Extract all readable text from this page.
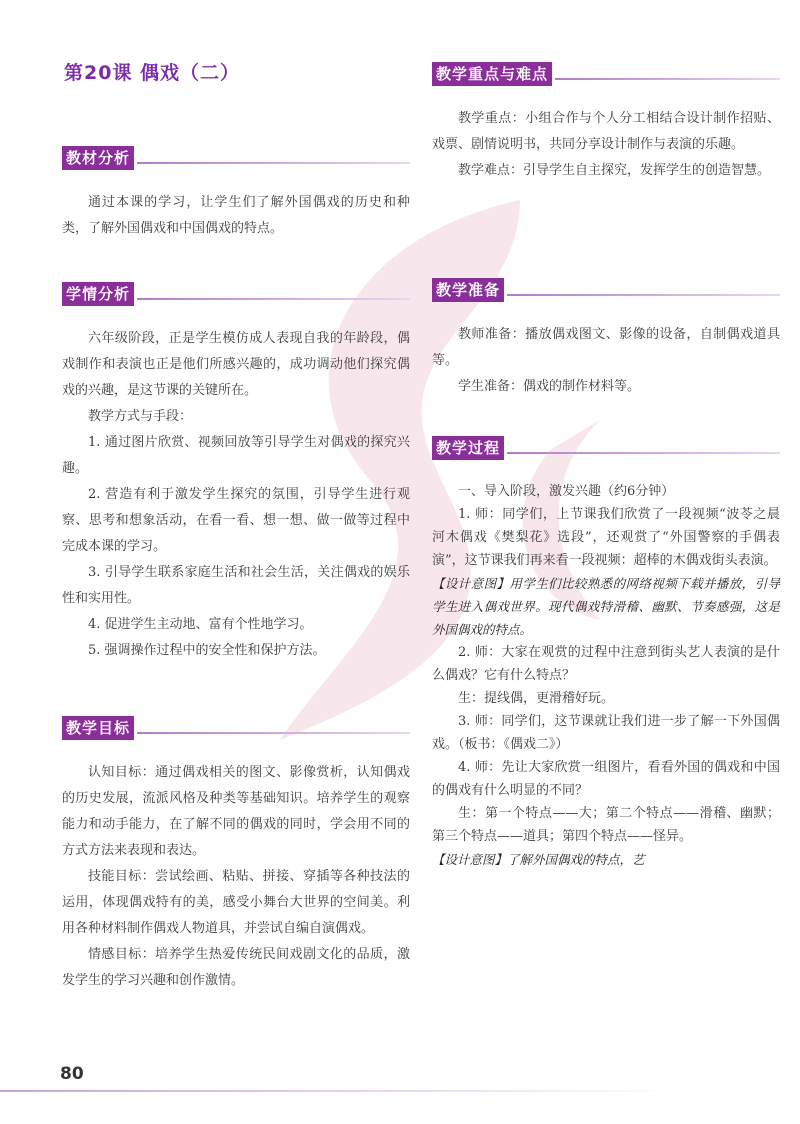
第20课 偶戏（二）
教材分析

通过本课的学习，让学生们了解外国偶戏的历史和种类，了解外国偶戏和中国偶戏的特点。

学情分析

六年级阶段，正是学生模仿成人表现自我的年龄段，偶戏制作和表演也正是他们所感兴趣的，成功调动他们探究偶戏的兴趣，是这节课的关键所在。

教学方式与手段：

1. 通过图片欣赏、视频回放等引导学生对偶戏的探究兴趣。

2. 营造有利于激发学生探究的氛围，引导学生进行观察、思考和想象活动，在看一看、想一想、做一做等过程中完成本课的学习。

3. 引导学生联系家庭生活和社会生活，关注偶戏的娱乐性和实用性。

4. 促进学生主动地、富有个性地学习。

5. 强调操作过程中的安全性和保护方法。

教学目标

认知目标：通过偶戏相关的图文、影像赏析，认知偶戏的历史发展，流派风格及种类等基础知识。培养学生的观察能力和动手能力，在了解不同的偶戏的同时，学会用不同的方式方法来表现和表达。

技能目标：尝试绘画、粘贴、拼接、穿插等各种技法的运用，体现偶戏特有的美，感受小舞台大世界的空间美。利用各种材料制作偶戏人物道具，并尝试自编自演偶戏。

情感目标：培养学生热爱传统民间戏剧文化的品质，激发学生的学习兴趣和创作激情。

教学重点与难点

教学重点：小组合作与个人分工相结合设计制作招贴、戏票、剧情说明书，共同分享设计制作与表演的乐趣。

教学难点：引导学生自主探究，发挥学生的创造智慧。

教学准备

教师准备：播放偶戏图文、影像的设备，自制偶戏道具等。

学生准备：偶戏的制作材料等。

教学过程

一、导入阶段，激发兴趣（约6分钟）

1. 师：同学们，上节课我们欣赏了一段视频“波苓之晨河木偶戏《樊梨花》选段”，还观赏了“外国警察的手偶表演”，这节课我们再来看一段视频：超棒的木偶戏街头表演。

【设计意图】用学生们比较熟悉的网络视频下载并播放，引导学生进入偶戏世界。现代偶戏特滑稽、幽默、节奏感强，这是外国偶戏的特点。

2. 师：大家在观赏的过程中注意到街头艺人表演的是什么偶戏？它有什么特点？

生：提线偶，更滑稽好玩。

3. 师：同学们，这节课就让我们进一步了解一下外国偶戏。（板书：《偶戏二》）

4. 师：先让大家欣赏一组图片，看看外国的偶戏和中国的偶戏有什么明显的不同？

生：第一个特点——大；第二个特点——滑稽、幽默；第三个特点——道具；第四个特点——怪异。

【设计意图】了解外国偶戏的特点，艺

80
